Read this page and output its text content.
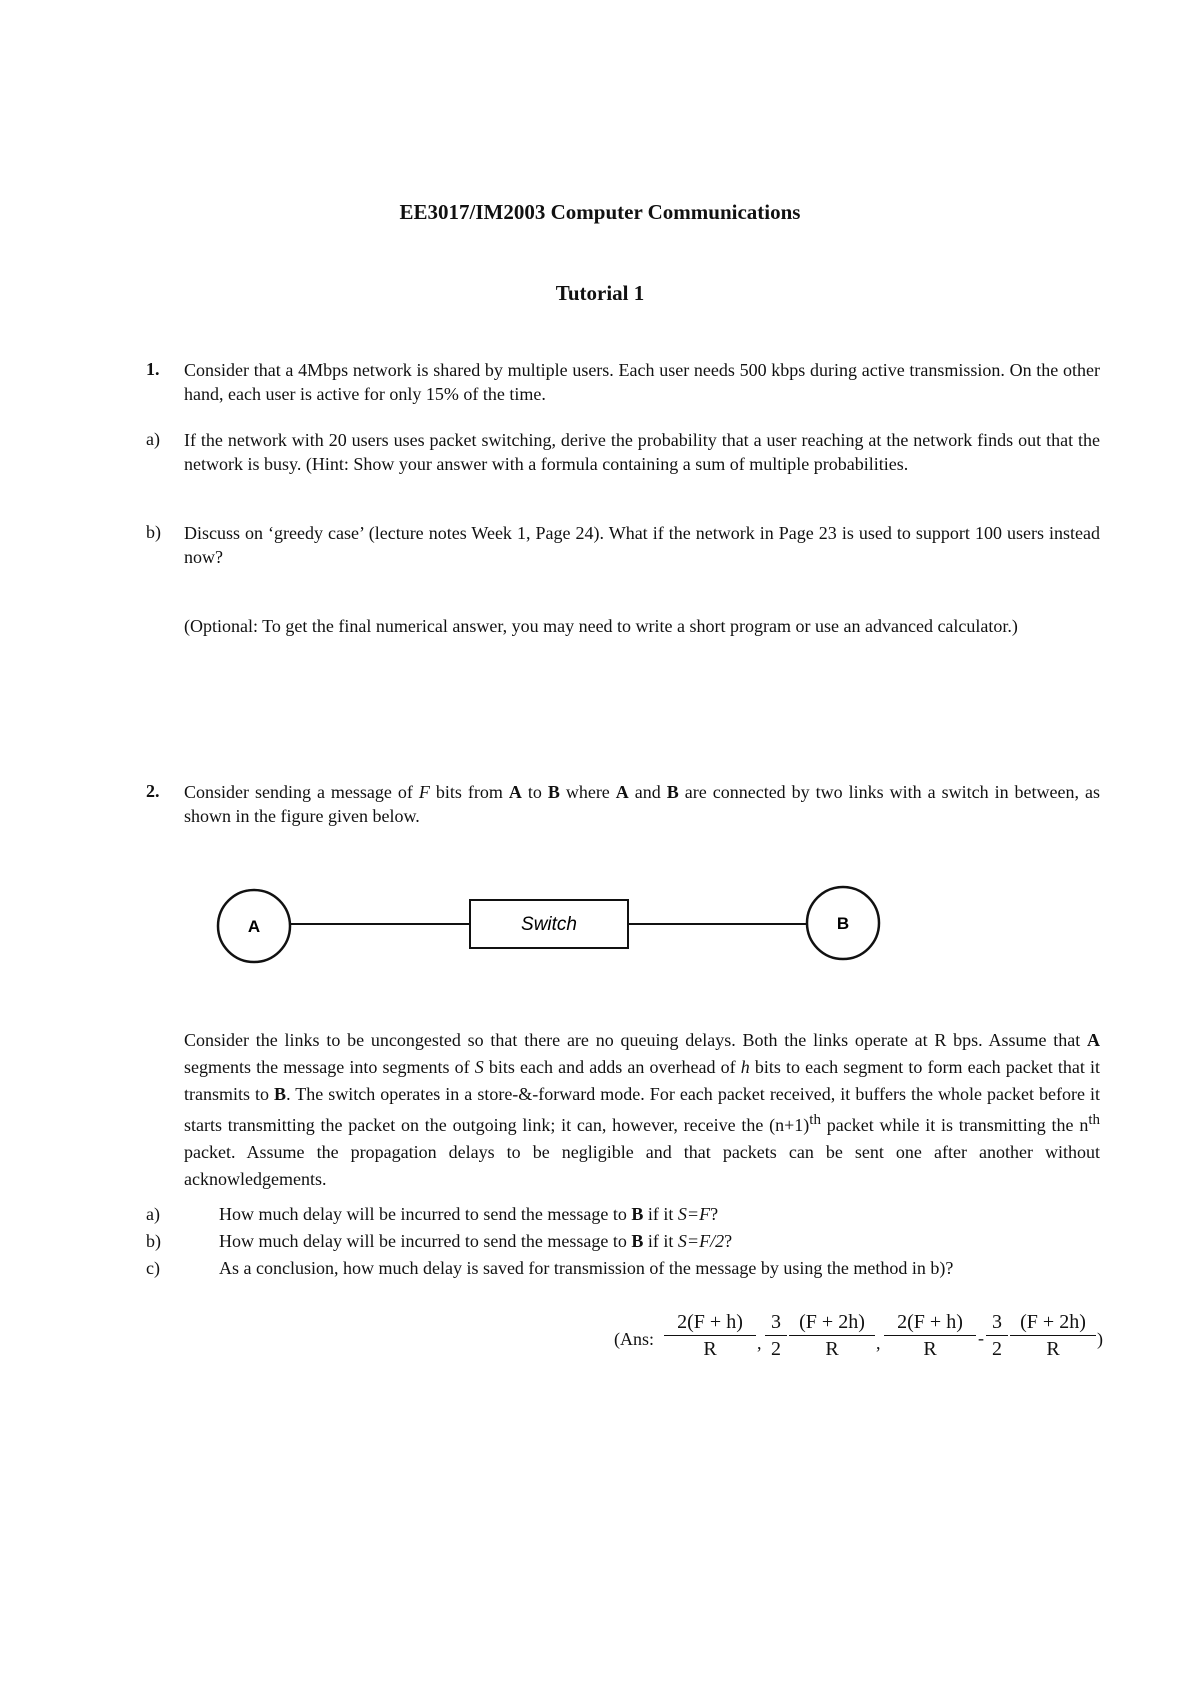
EE3017/IM2003 Computer Communications
Tutorial 1
1. Consider that a 4Mbps network is shared by multiple users. Each user needs 500 kbps during active transmission. On the other hand, each user is active for only 15% of the time.
a) If the network with 20 users uses packet switching, derive the probability that a user reaching at the network finds out that the network is busy. (Hint: Show your answer with a formula containing a sum of multiple probabilities.
b) Discuss on ‘greedy case’ (lecture notes Week 1, Page 24). What if the network in Page 23 is used to support 100 users instead now?
(Optional: To get the final numerical answer, you may need to write a short program or use an advanced calculator.)
2. Consider sending a message of F bits from A to B where A and B are connected by two links with a switch in between, as shown in the figure given below.
A	Switch	B
Consider the links to be uncongested so that there are no queuing delays. Both the links operate at R bps. Assume that A segments the message into segments of S bits each and adds an overhead of h bits to each segment to form each packet that it transmits to B. The switch operates in a store-&-forward mode. For each packet received, it buffers the whole packet before it starts transmitting the packet on the outgoing link; it can, however, receive the $(n+1)^{th}$ packet while it is transmitting the $n^{th}$ packet. Assume the propagation delays to be negligible and that packets can be sent one after another without acknowledgements.
a)	How much delay will be incurred to send the message to B if it S=F?
b)	How much delay will be incurred to send the message to B if it S=F/2?
c)	As a conclusion, how much delay is saved for transmission of the message by using the method in b)?
(Ans: $\frac{2(F + h)}{R}$ , $\frac{3}{2} \frac{(F + 2h)}{R}$ , $\frac{2(F + h)}{R} - \frac{3}{2} \frac{(F + 2h)}{R}$ )
